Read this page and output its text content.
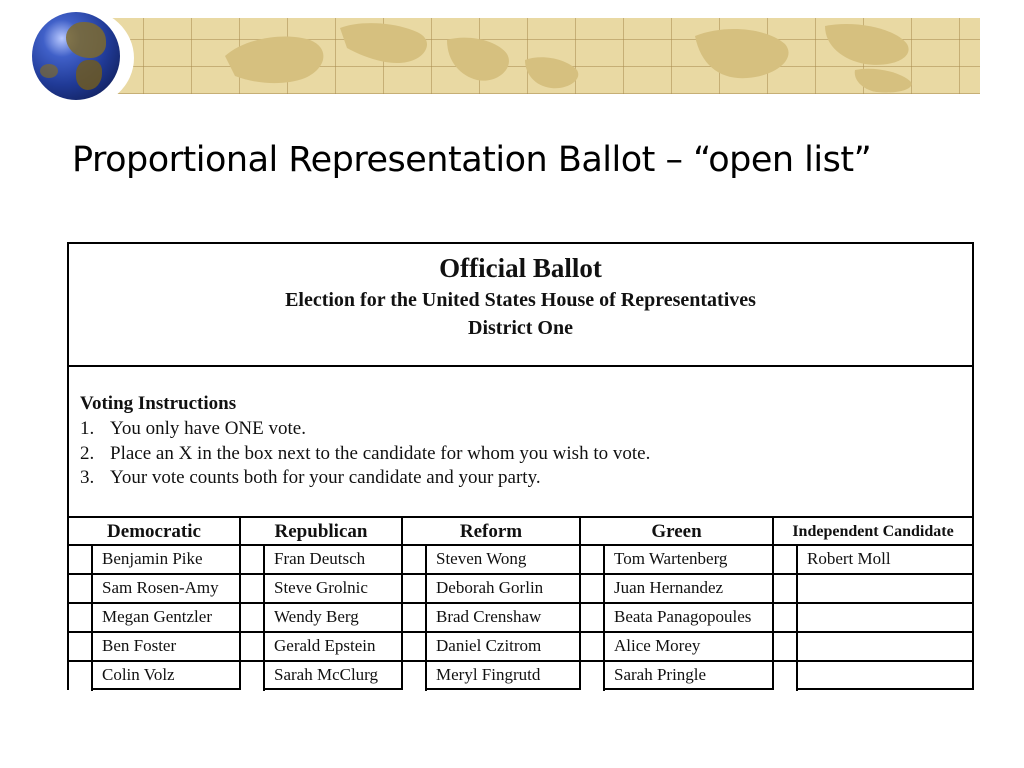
Proportional Representation Ballot – “open list”
Official Ballot
Election for the United States House of Representatives
District One
Voting Instructions
1. You only have ONE vote.
2. Place an X in the box next to the candidate for whom you wish to vote.
3. Your vote counts both for your candidate and your party.
Democratic
Benjamin Pike
Sam Rosen-Amy
Megan Gentzler
Ben Foster
Colin Volz
Republican
Fran Deutsch
Steve Grolnic
Wendy Berg
Gerald Epstein
Sarah McClurg
Reform
Steven Wong
Deborah Gorlin
Brad Crenshaw
Daniel Czitrom
Meryl Fingrutd
Green
Tom Wartenberg
Juan Hernandez
Beata Panagopoules
Alice Morey
Sarah Pringle
Independent Candidate
Robert Moll
